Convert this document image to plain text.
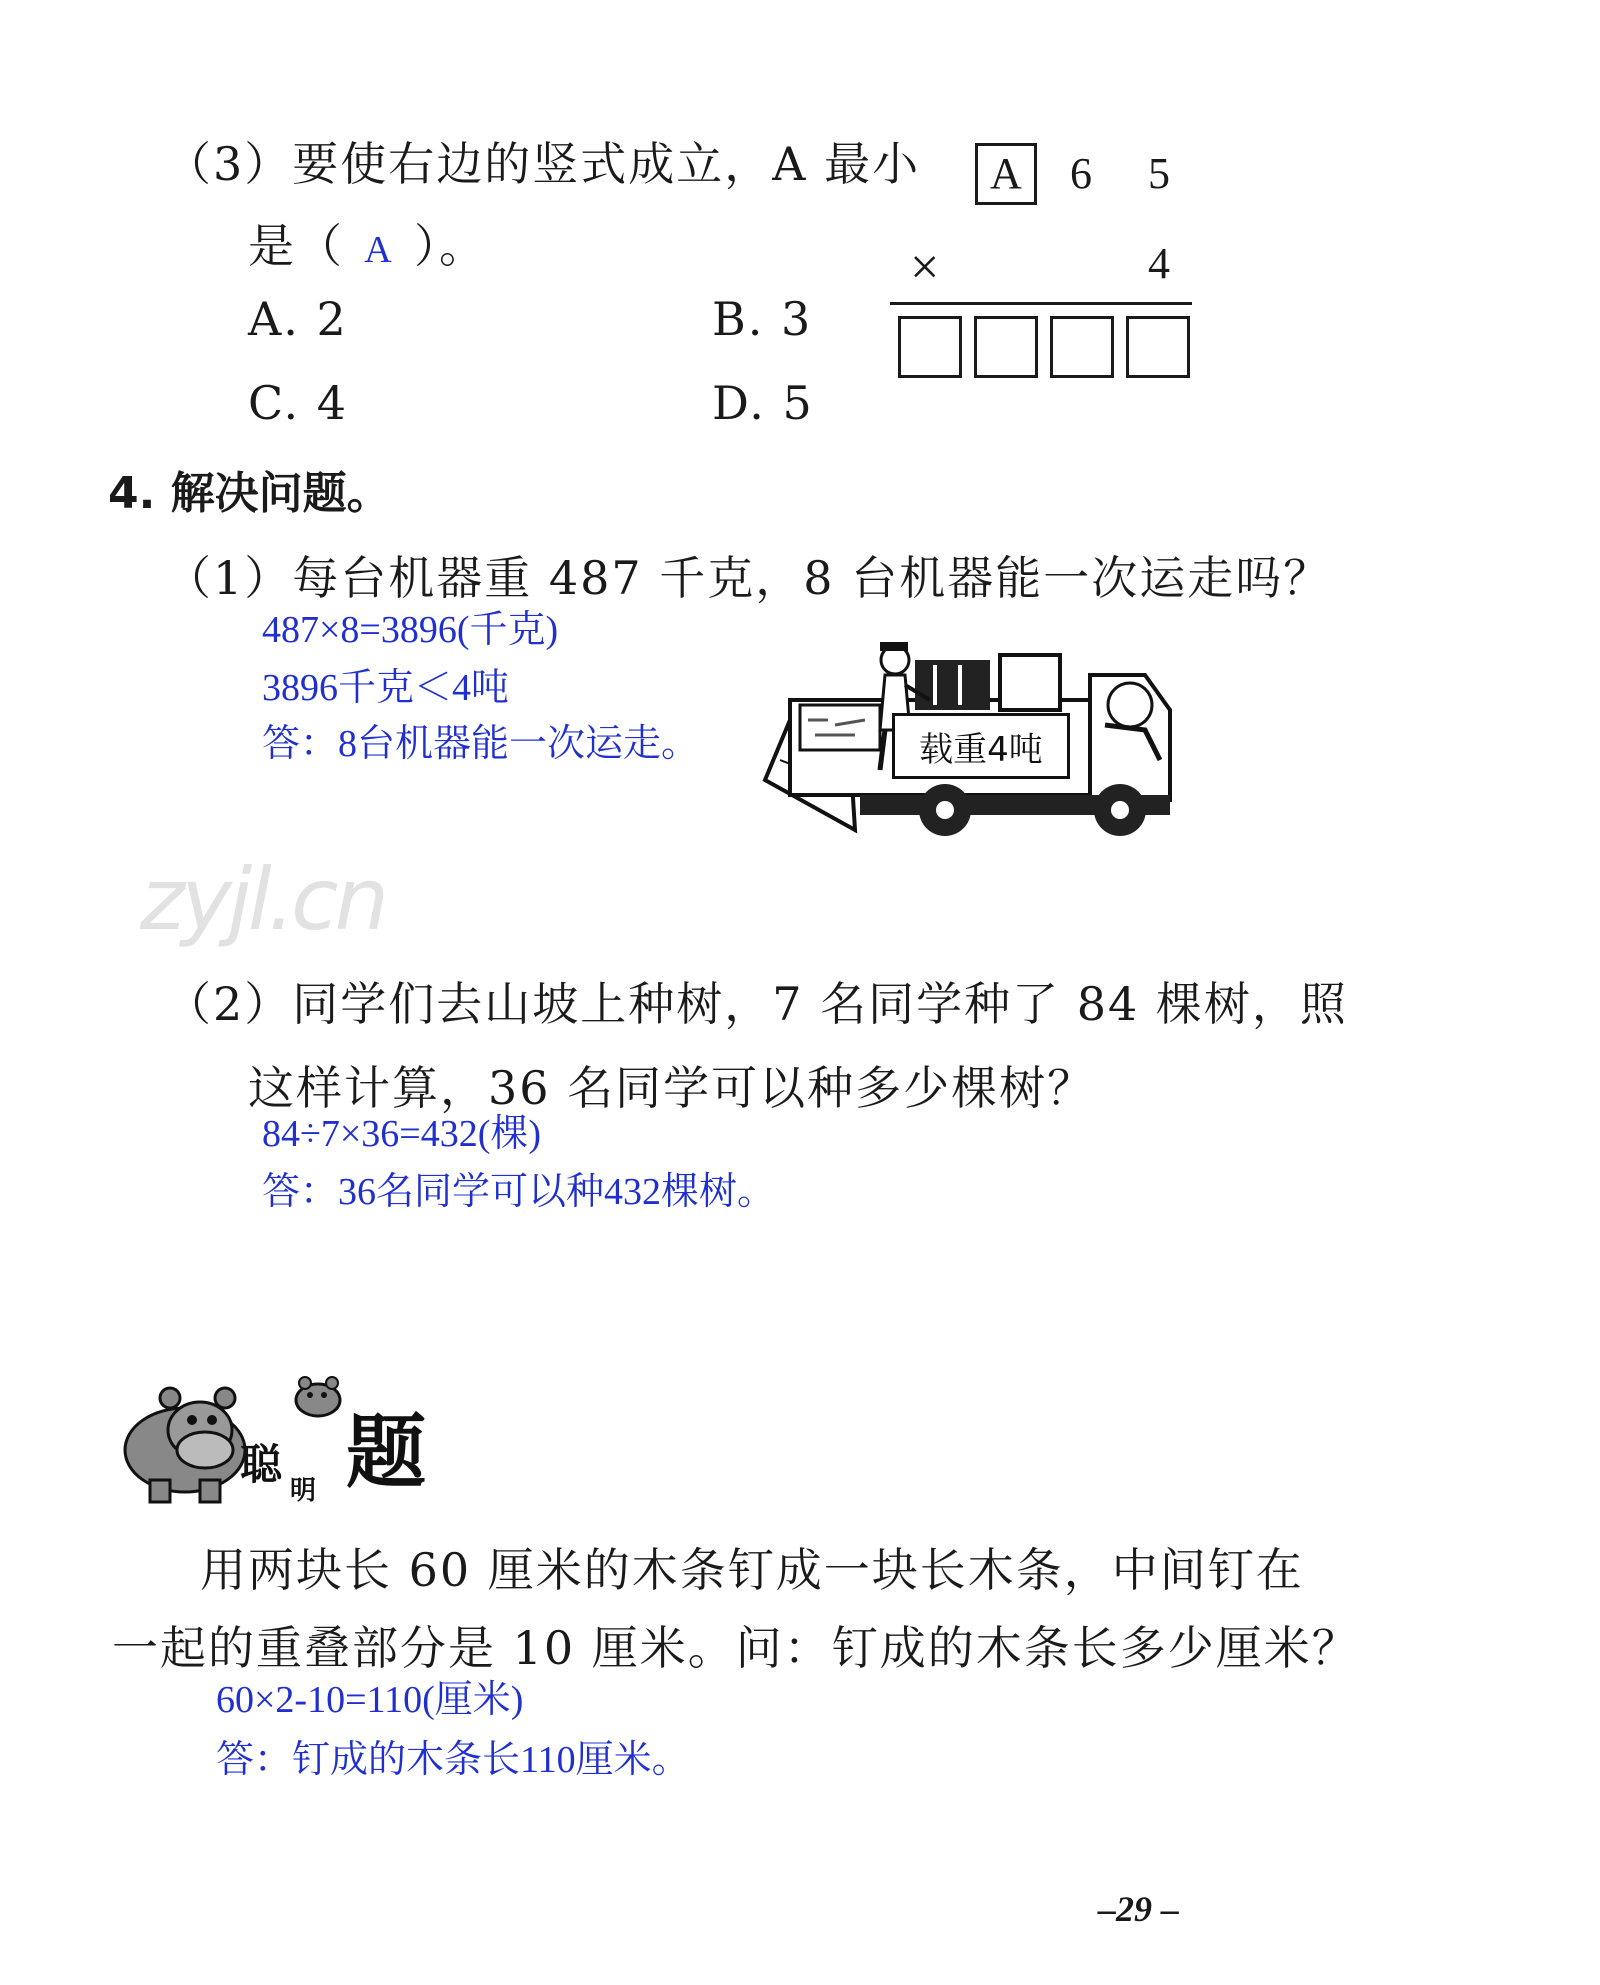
（3）要使右边的竖式成立，A 最小
是（ A ）。
A. 2	B. 3
C. 4	D. 5
A 6 5
×	4
4. 解决问题。
（1）每台机器重 487 千克，8 台机器能一次运走吗？
487×8=3896(千克)
3896千克＜4吨
答：8台机器能一次运走。	载重4吨
zyjl.cn
（2）同学们去山坡上种树，7 名同学种了 84 棵树，照
这样计算，36 名同学可以种多少棵树？
84÷7×36=432(棵)
答：36名同学可以种432棵树。
聪
明 题
用两块长 60 厘米的木条钉成一块长木条，中间钉在
一起的重叠部分是 10 厘米。问：钉成的木条长多少厘米？
60×2-10=110(厘米)
答：钉成的木条长110厘米。
–29 –
